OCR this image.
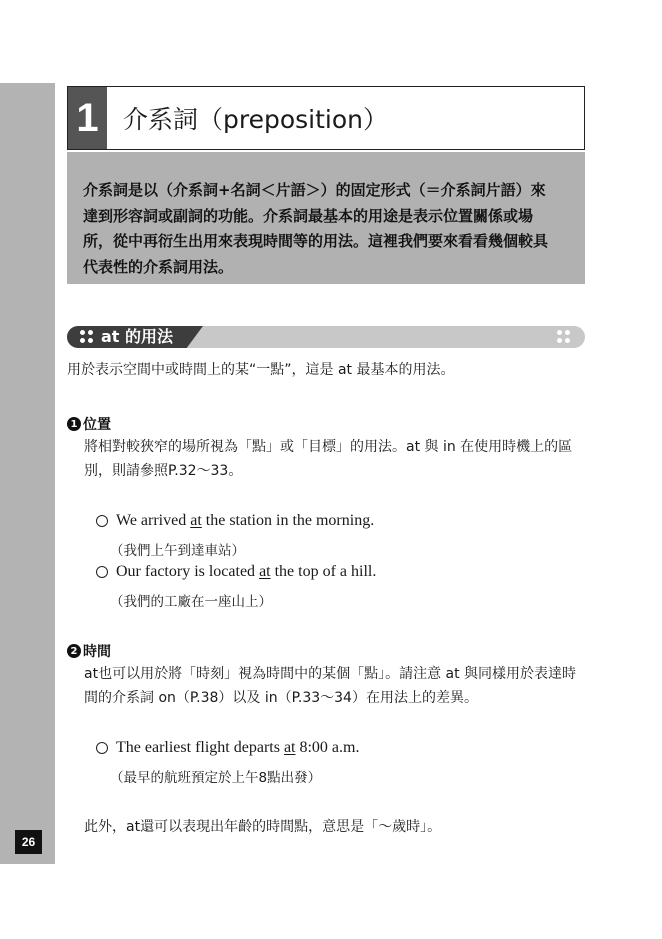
26
1 介系詞（preposition）

介系詞是以（介系詞+名詞＜片語＞）的固定形式（＝介系詞片語）來

達到形容詞或副詞的功能。介系詞最基本的用途是表示位置關係或場

所，從中再衍生出用來表現時間等的用法。這裡我們要來看看幾個較具

代表性的介系詞用法。

at 的用法
用於表示空間中或時間上的某“一點”，這是 at 最基本的用法。
1 位置
將相對較狹窄的場所視為「點」或「目標」的用法。at 與 in 在使用時機上的區
別，則請參照P.32～33。
We arrived at the station in the morning.
（我們上午到達車站）
Our factory is located at the top of a hill.
（我們的工廠在一座山上）
2 時間
at也可以用於將「時刻」視為時間中的某個「點」。請注意 at 與同樣用於表達時
間的介系詞 on（P.38）以及 in（P.33～34）在用法上的差異。
The earliest flight departs at 8:00 a.m.
（最早的航班預定於上午8點出發）
此外，at還可以表現出年齡的時間點，意思是「～歲時」。
